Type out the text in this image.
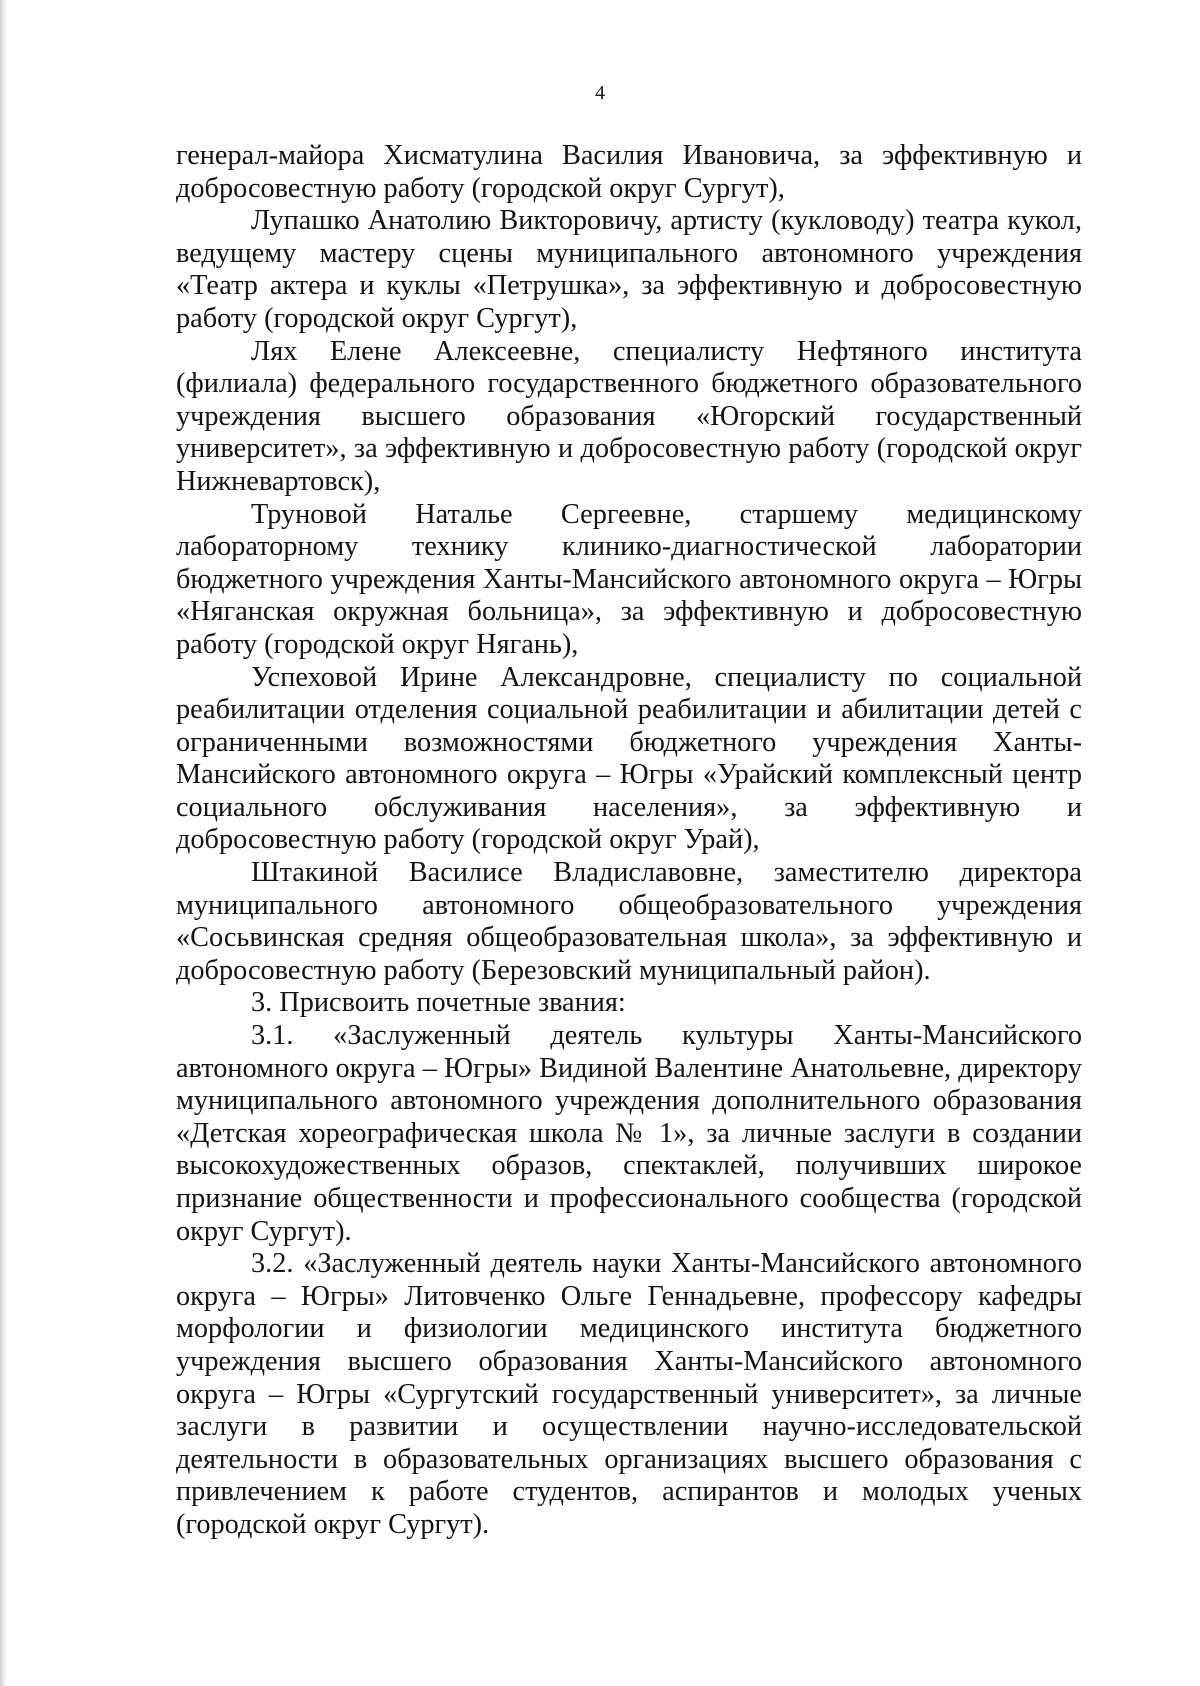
4

генерал-майора Хисматулина Василия Ивановича, за эффективную и добросовестную работу (городской округ Сургут),

Лупашко Анатолию Викторовичу, артисту (кукловоду) театра кукол, ведущему мастеру сцены муниципального автономного учреждения «Театр актера и куклы «Петрушка», за эффективную и добросовестную работу (городской округ Сургут),

Лях Елене Алексеевне, специалисту Нефтяного института (филиала) федерального государственного бюджетного образовательного учреждения высшего образования «Югорский государственный университет», за эффективную и добросовестную работу (городской округ Нижневартовск),

Труновой Наталье Сергеевне, старшему медицинскому лабораторному технику клинико-диагностической лаборатории бюджетного учреждения Ханты-Мансийского автономного округа – Югры «Няганская окружная больница», за эффективную и добросовестную работу (городской округ Нягань),

Успеховой Ирине Александровне, специалисту по социальной реабилитации отделения социальной реабилитации и абилитации детей с ограниченными возможностями бюджетного учреждения Ханты-Мансийского автономного округа – Югры «Урайский комплексный центр социального обслуживания населения», за эффективную и добросовестную работу (городской округ Урай),

Штакиной Василисе Владиславовне, заместителю директора муниципального автономного общеобразовательного учреждения «Сосьвинская средняя общеобразовательная школа», за эффективную и добросовестную работу (Березовский муниципальный район).

3. Присвоить почетные звания:

3.1. «Заслуженный деятель культуры Ханты-Мансийского автономного округа – Югры» Видиной Валентине Анатольевне, директору муниципального автономного учреждения дополнительного образования «Детская хореографическая школа № 1», за личные заслуги в создании высокохудожественных образов, спектаклей, получивших широкое признание общественности и профессионального сообщества (городской округ Сургут).

3.2. «Заслуженный деятель науки Ханты-Мансийского автономного округа – Югры» Литовченко Ольге Геннадьевне, профессору кафедры морфологии и физиологии медицинского института бюджетного учреждения высшего образования Ханты-Мансийского автономного округа – Югры «Сургутский государственный университет», за личные заслуги в развитии и осуществлении научно-исследовательской деятельности в образовательных организациях высшего образования с привлечением к работе студентов, аспирантов и молодых ученых (городской округ Сургут).
